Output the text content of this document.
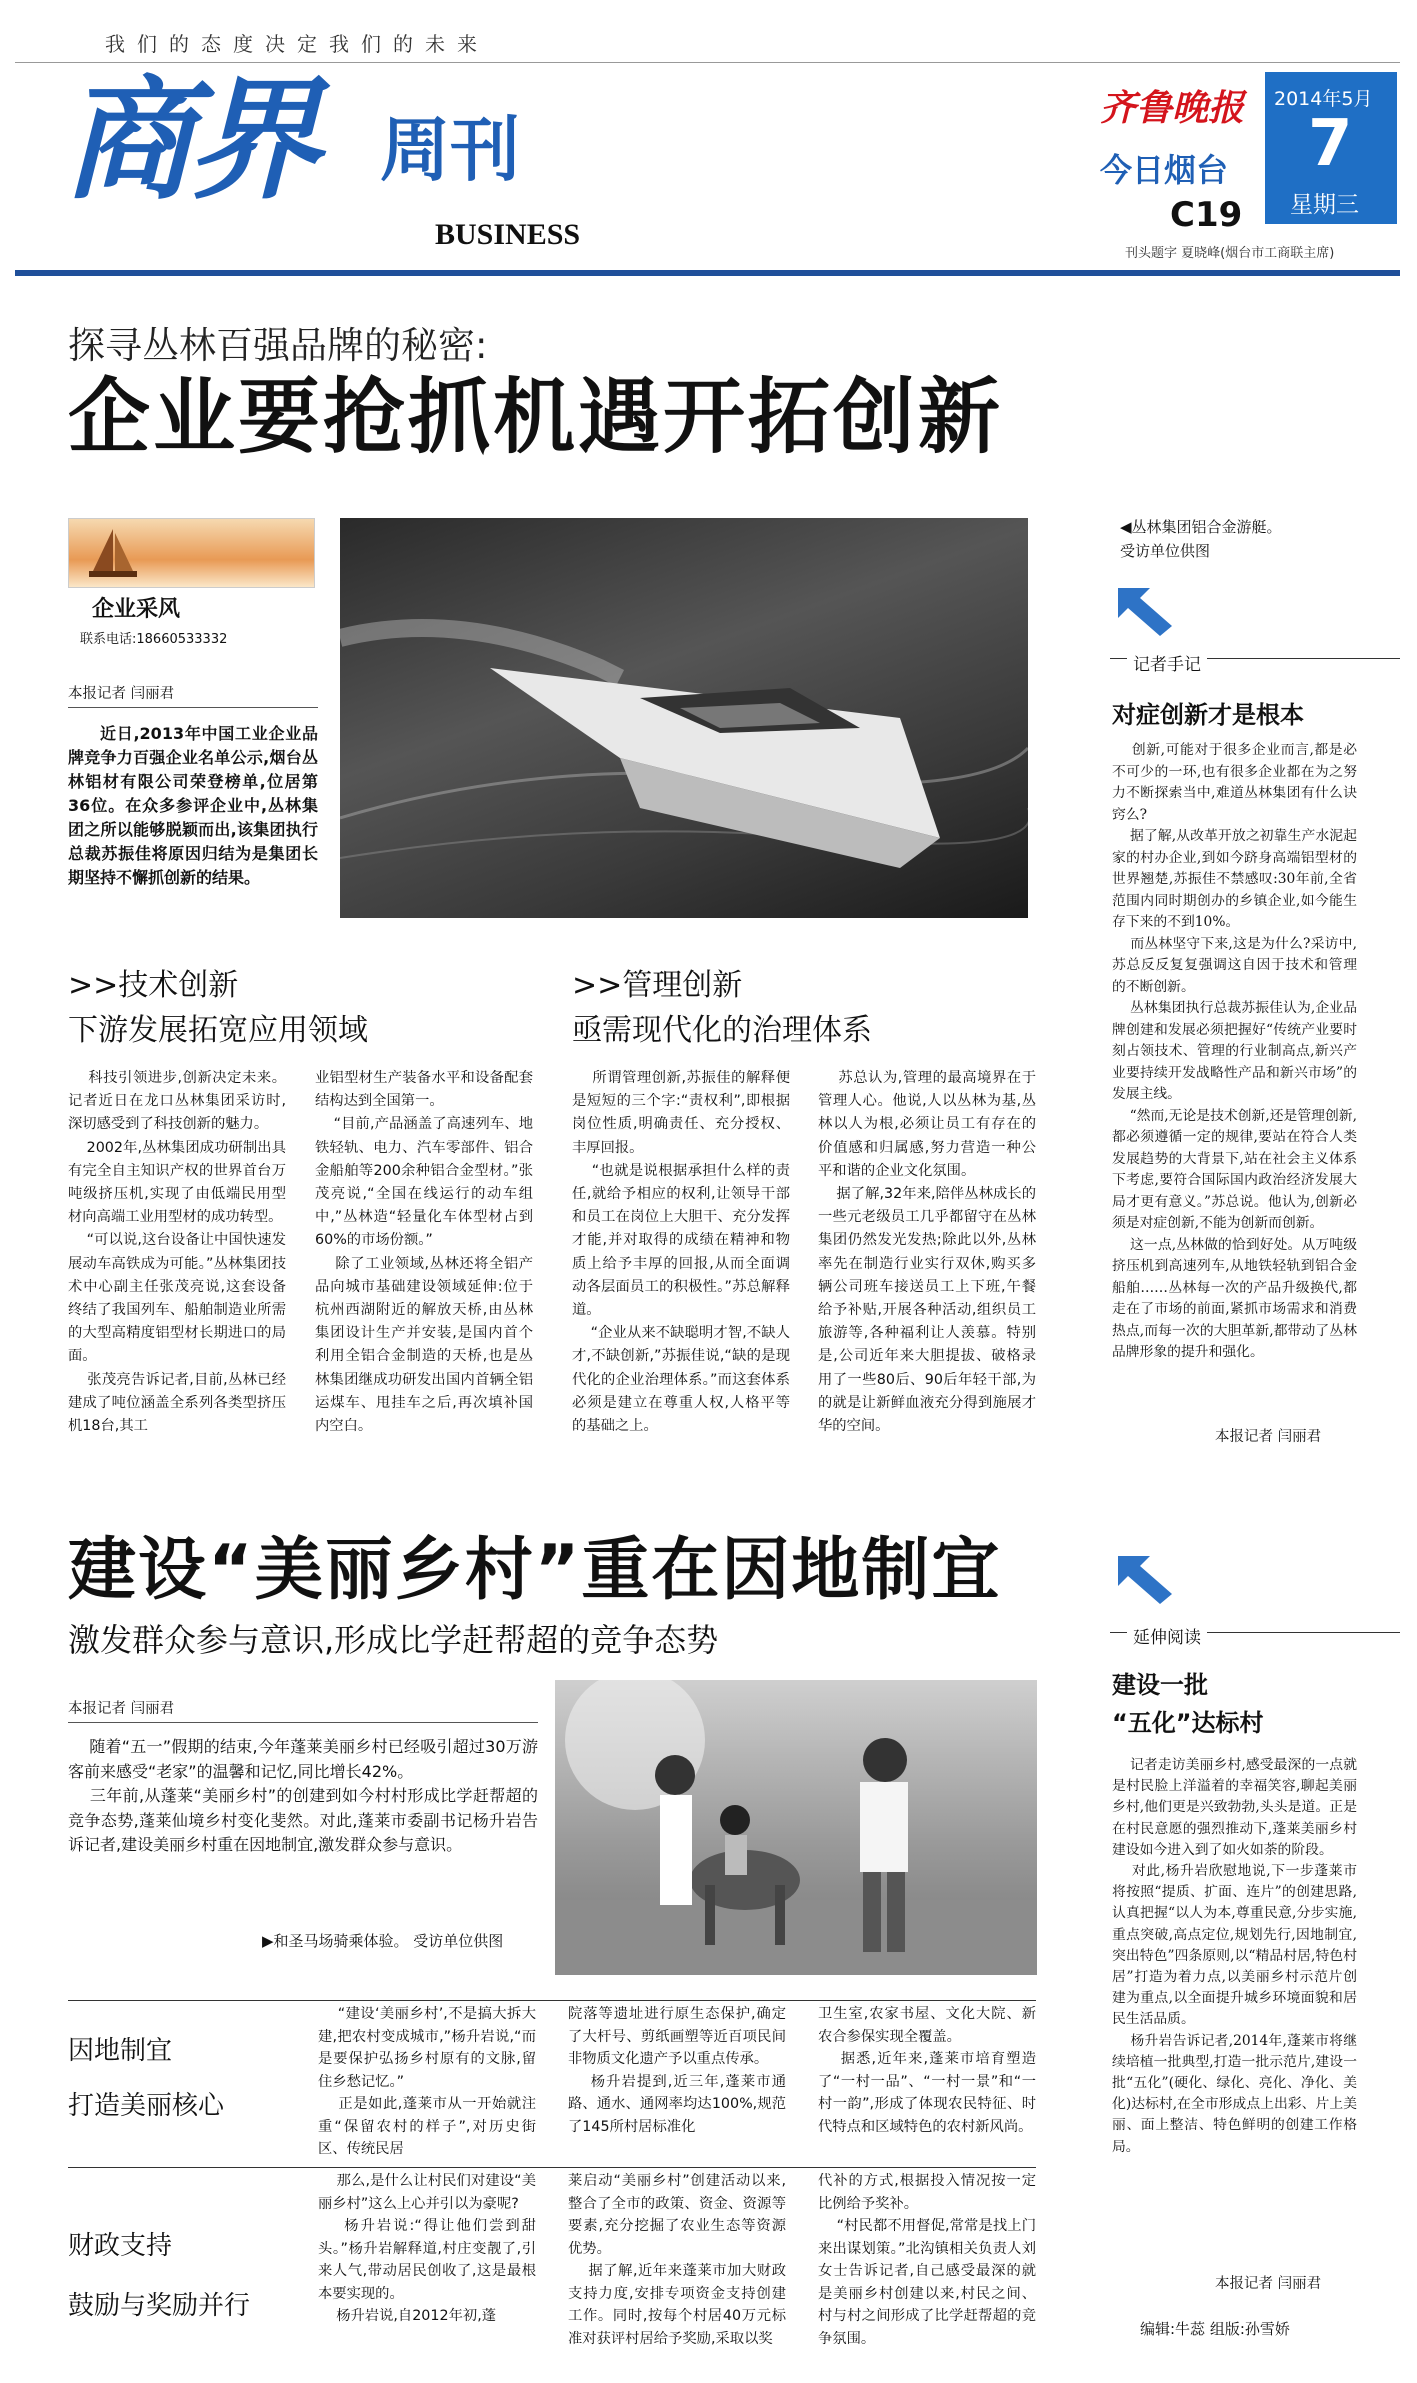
我们的态度决定我们的未来
商界 周刊
BUSINESS
齐鲁晚报
今日烟台
C19
2014年5月
7
星期三
刊头题字 夏晓峰(烟台市工商联主席)
探寻丛林百强品牌的秘密:
企业要抢抓机遇开拓创新
企业采风
联系电话:18660533332
本报记者 闫丽君

近日,2013年中国工业企业品牌竞争力百强企业名单公示,烟台丛林铝材有限公司荣登榜单,位居第36位。在众多参评企业中,丛林集团之所以能够脱颖而出,该集团执行总裁苏振佳将原因归结为是集团长期坚持不懈抓创新的结果。

◀丛林集团铝合金游艇。
受访单位供图
记者手记
对症创新才是根本

创新,可能对于很多企业而言,都是必不可少的一环,也有很多企业都在为之努力不断探索当中,难道丛林集团有什么诀窍么?
据了解,从改革开放之初靠生产水泥起家的村办企业,到如今跻身高端铝型材的世界翘楚,苏振佳不禁感叹:30年前,全省范围内同时期创办的乡镇企业,如今能生存下来的不到10%。
而丛林坚守下来,这是为什么?采访中,苏总反反复复强调这自因于技术和管理的不断创新。
丛林集团执行总裁苏振佳认为,企业品牌创建和发展必须把握好“传统产业要时刻占领技术、管理的行业制高点,新兴产业要持续开发战略性产品和新兴市场”的发展主线。
“然而,无论是技术创新,还是管理创新,都必须遵循一定的规律,要站在符合人类发展趋势的大背景下,站在社会主义体系下考虑,要符合国际国内政治经济发展大局才更有意义。”苏总说。他认为,创新必须是对症创新,不能为创新而创新。
这一点,丛林做的恰到好处。从万吨级挤压机到高速列车,从地铁轻轨到铝合金船舶……丛林每一次的产品升级换代,都走在了市场的前面,紧抓市场需求和消费热点,而每一次的大胆革新,都带动了丛林品牌形象的提升和强化。

本报记者 闫丽君
>>技术创新
下游发展拓宽应用领域
>>管理创新
亟需现代化的治理体系

科技引领进步,创新决定未来。记者近日在龙口丛林集团采访时,深切感受到了科技创新的魅力。
2002年,丛林集团成功研制出具有完全自主知识产权的世界首台万吨级挤压机,实现了由低端民用型材向高端工业用型材的成功转型。
“可以说,这台设备让中国快速发展动车高铁成为可能。”丛林集团技术中心副主任张茂亮说,这套设备终结了我国列车、船舶制造业所需的大型高精度铝型材长期进口的局面。
张茂亮告诉记者,目前,丛林已经建成了吨位涵盖全系列各类型挤压机18台,其工

业铝型材生产装备水平和设备配套结构达到全国第一。
“目前,产品涵盖了高速列车、地铁轻轨、电力、汽车零部件、铝合金船舶等200余种铝合金型材。”张茂亮说,“全国在线运行的动车组中,”丛林造“轻量化车体型材占到60%的市场份额。”
除了工业领域,丛林还将全铝产品向城市基础建设领域延伸:位于杭州西湖附近的解放天桥,由丛林集团设计生产并安装,是国内首个利用全铝合金制造的天桥,也是丛林集团继成功研发出国内首辆全铝运煤车、甩挂车之后,再次填补国内空白。

所谓管理创新,苏振佳的解释便是短短的三个字:“责权利”,即根据岗位性质,明确责任、充分授权、丰厚回报。
“也就是说根据承担什么样的责任,就给予相应的权利,让领导干部和员工在岗位上大胆干、充分发挥才能,并对取得的成绩在精神和物质上给予丰厚的回报,从而全面调动各层面员工的积极性。”苏总解释道。
“企业从来不缺聪明才智,不缺人才,不缺创新,”苏振佳说,“缺的是现代化的企业治理体系。”而这套体系必须是建立在尊重人权,人格平等的基础之上。

苏总认为,管理的最高境界在于管理人心。他说,人以丛林为基,丛林以人为根,必须让员工有存在的价值感和归属感,努力营造一种公平和谐的企业文化氛围。
据了解,32年来,陪伴丛林成长的一些元老级员工几乎都留守在丛林集团仍然发光发热;除此以外,丛林率先在制造行业实行双休,购买多辆公司班车接送员工上下班,午餐给予补贴,开展各种活动,组织员工旅游等,各种福利让人羡慕。特别是,公司近年来大胆提拔、破格录用了一些80后、90后年轻干部,为的就是让新鲜血液充分得到施展才华的空间。

建设“美丽乡村”重在因地制宜
激发群众参与意识,形成比学赶帮超的竞争态势
本报记者 闫丽君

随着“五一”假期的结束,今年蓬莱美丽乡村已经吸引超过30万游客前来感受“老家”的温馨和记忆,同比增长42%。
三年前,从蓬莱“美丽乡村”的创建到如今村村形成比学赶帮超的竞争态势,蓬莱仙境乡村变化斐然。对此,蓬莱市委副书记杨升岩告诉记者,建设美丽乡村重在因地制宜,激发群众参与意识。

▶和圣马场骑乘体验。 受访单位供图
因地制宜
打造美丽核心

“建设‘美丽乡村’,不是搞大拆大建,把农村变成城市,”杨升岩说,“而是要保护弘扬乡村原有的文脉,留住乡愁记忆。”
正是如此,蓬莱市从一开始就注重“保留农村的样子”,对历史街区、传统民居

院落等遗址进行原生态保护,确定了大杆号、剪纸画塑等近百项民间非物质文化遗产予以重点传承。
杨升岩提到,近三年,蓬莱市通路、通水、通网率均达100%,规范了145所村居标准化

卫生室,农家书屋、文化大院、新农合参保实现全覆盖。
据悉,近年来,蓬莱市培育塑造了“一村一品”、“一村一景”和“一村一韵”,形成了体现农民特征、时代特点和区域特色的农村新风尚。

财政支持
鼓励与奖励并行

那么,是什么让村民们对建设“美丽乡村”这么上心并引以为豪呢?
杨升岩说:“得让他们尝到甜头。”杨升岩解释道,村庄变靓了,引来人气,带动居民创收了,这是最根本要实现的。
杨升岩说,自2012年初,蓬

莱启动“美丽乡村”创建活动以来,整合了全市的政策、资金、资源等要素,充分挖掘了农业生态等资源优势。
据了解,近年来蓬莱市加大财政支持力度,安排专项资金支持创建工作。同时,按每个村居40万元标准对获评村居给予奖励,采取以奖

代补的方式,根据投入情况按一定比例给予奖补。
“村民都不用督促,常常是找上门来出谋划策。”北沟镇相关负责人刘女士告诉记者,自己感受最深的就是美丽乡村创建以来,村民之间、村与村之间形成了比学赶帮超的竞争氛围。

延伸阅读
建设一批
“五化”达标村

记者走访美丽乡村,感受最深的一点就是村民脸上洋溢着的幸福笑容,聊起美丽乡村,他们更是兴致勃勃,头头是道。正是在村民意愿的强烈推动下,蓬莱美丽乡村建设如今进入到了如火如荼的阶段。
对此,杨升岩欣慰地说,下一步蓬莱市将按照“提质、扩面、连片”的创建思路,认真把握“以人为本,尊重民意,分步实施,重点突破,高点定位,规划先行,因地制宜,突出特色”四条原则,以“精品村居,特色村居”打造为着力点,以美丽乡村示范片创建为重点,以全面提升城乡环境面貌和居民生活品质。
杨升岩告诉记者,2014年,蓬莱市将继续培植一批典型,打造一批示范片,建设一批“五化”(硬化、绿化、亮化、净化、美化)达标村,在全市形成点上出彩、片上美丽、面上整洁、特色鲜明的创建工作格局。

本报记者 闫丽君
编辑:牛蕊 组版:孙雪娇
